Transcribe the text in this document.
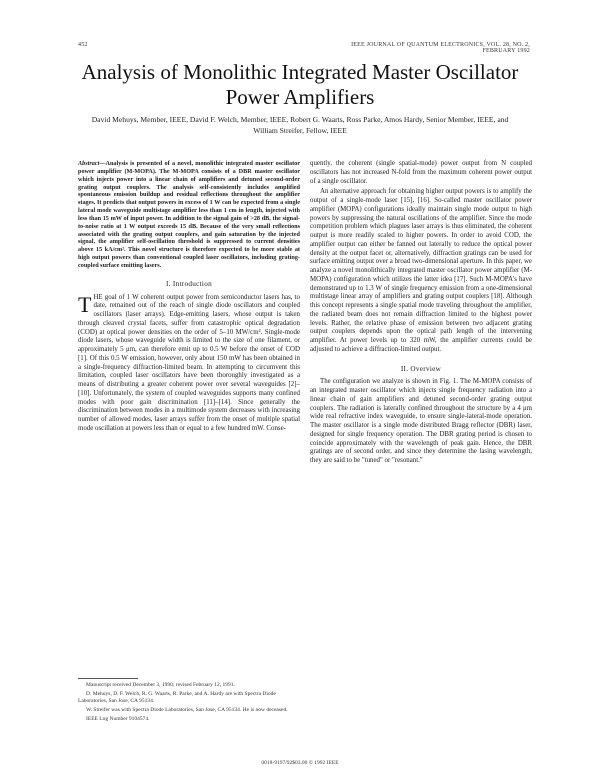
452	IEEE JOURNAL OF QUANTUM ELECTRONICS, VOL. 28, NO. 2, FEBRUARY 1992
Analysis of Monolithic Integrated Master Oscillator Power Amplifiers
David Mehuys, Member, IEEE, David F. Welch, Member, IEEE, Robert G. Waarts, Ross Parke, Amos Hardy, Senior Member, IEEE, and William Streifer, Fellow, IEEE

Abstract—Analysis is presented of a novel, monolithic integrated master oscillator power amplifier (M-MOPA). The M-MOPA consists of a DBR master oscillator which injects power into a linear chain of amplifiers and detuned second-order grating output couplers. The analysis self-consistently includes amplified spontaneous emission buildup and residual reflections throughout the amplifier stages. It predicts that output powers in excess of 1 W can be expected from a single lateral mode waveguide multistage amplifier less than 1 cm in length, injected with less than 15 mW of input power. In addition to the signal gain of >28 dB, the signal-to-noise ratio at 1 W output exceeds 15 dB. Because of the very small reflections associated with the grating output couplers, and gain saturation by the injected signal, the amplifier self-oscillation threshold is suppressed to current densities above 15 kA/cm². This novel structure is therefore expected to be more stable at high output powers than conventional coupled laser oscillators, including grating-coupled surface emitting lasers.

I. Introduction

THE goal of 1 W coherent output power from semiconductor lasers has, to date, remained out of the reach of single diode oscillators and coupled oscillators (laser arrays). Edge-emitting lasers, whose output is taken through cleaved crystal facets, suffer from catastrophic optical degradation (COD) at optical power densities on the order of 5–10 MW/cm². Single-mode diode lasers, whose waveguide width is limited to the size of one filament, or approximately 5 μm, can therefore emit up to 0.5 W before the onset of COD [1]. Of this 0.5 W emission, however, only about 150 mW has been obtained in a single-frequency diffraction-limited beam. In attempting to circumvent this limitation, coupled laser oscillators have been thoroughly investigated as a means of distributing a greater coherent power over several waveguides [2]–[10]. Unfortunately, the system of coupled waveguides supports many confined modes with poor gain discrimination [11]–[14]. Since generally the discrimination between modes in a multimode system decreases with increasing number of allowed modes, laser arrays suffer from the onset of multiple spatial mode oscillation at powers less than or equal to a few hundred mW. Conse-

Manuscript received December 3, 1990; revised February 12, 1991.

D. Mehuys, D. F. Welch, R. G. Waarts, R. Parke, and A. Hardy are with Spectra Diode Laboratories, San Jose, CA 95134.

W. Streifer was with Spectra Diode Laboratories, San Jose, CA 95134. He is now deceased.

IEEE Log Number 9104574.

quently, the coherent (single spatial-mode) power output from N coupled oscillators has not increased N-fold from the maximum coherent power output of a single oscillator.

An alternative approach for obtaining higher output powers is to amplify the output of a single-mode laser [15], [16]. So-called master oscillator power amplifier (MOPA) configurations ideally maintain single mode output to high powers by suppressing the natural oscillations of the amplifier. Since the mode competition problem which plagues laser arrays is thus eliminated, the coherent output is more readily scaled to higher powers. In order to avoid COD, the amplifier output can either be fanned out laterally to reduce the optical power density at the output facet or, alternatively, diffraction gratings can be used for surface emitting output over a broad two-dimensional aperture. In this paper, we analyze a novel monolithically integrated master oscillator power amplifier (M-MOPA) configuration which utilizes the latter idea [17]. Such M-MOPA's have demonstrated up to 1.3 W of single frequency emission from a one-dimensional multistage linear array of amplifiers and grating output couplers [18]. Although this concept represents a single spatial mode traveling throughout the amplifier, the radiated beam does not remain diffraction limited to the highest power levels. Rather, the relative phase of emission between two adjacent grating output couplers depends upon the optical path length of the intervening amplifier. At power levels up to 320 mW, the amplifier currents could be adjusted to achieve a diffraction-limited output.

II. Overview

The configuration we analyze is shown in Fig. 1. The M-MOPA consists of an integrated master oscillator which injects single frequency radiation into a linear chain of gain amplifiers and detuned second-order grating output couplers. The radiation is laterally confined throughout the structure by a 4 μm wide real refractive index waveguide, to ensure single-lateral-mode operation. The master oscillator is a single mode distributed Bragg reflector (DBR) laser, designed for single frequency operation. The DBR grating period is chosen to coincide approximately with the wavelength of peak gain. Hence, the DBR gratings are of second order, and since they determine the lasing wavelength, they are said to be "tuned" or "resonant."

0018-9197/92$03.00 © 1992 IEEE
